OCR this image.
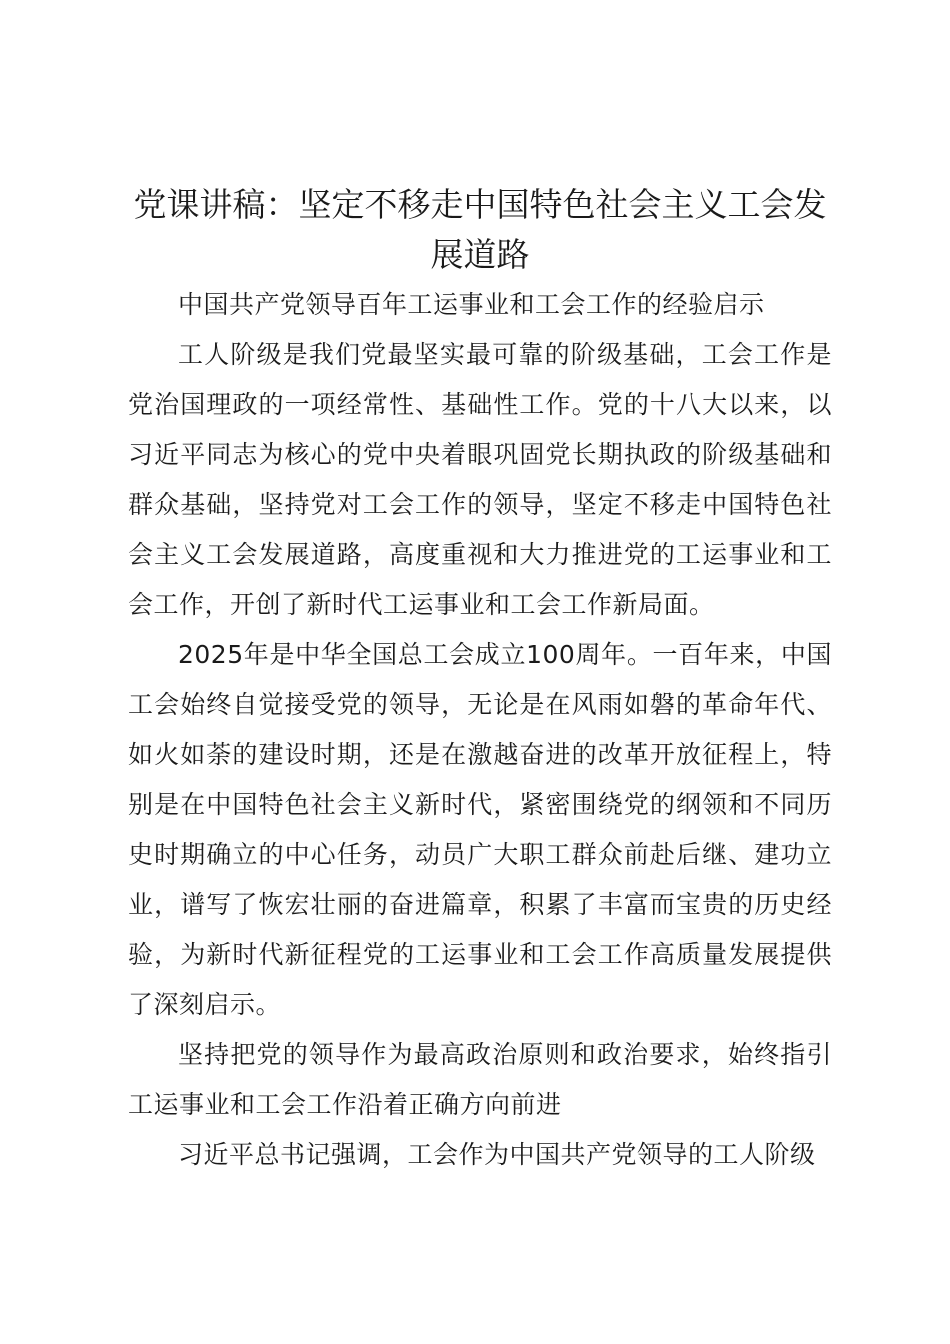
党课讲稿：坚定不移走中国特色社会主义工会发展道路

中国共产党领导百年工运事业和工会工作的经验启示

工人阶级是我们党最坚实最可靠的阶级基础，工会工作是党治国理政的一项经常性、基础性工作。党的十八大以来，以习近平同志为核心的党中央着眼巩固党长期执政的阶级基础和群众基础，坚持党对工会工作的领导，坚定不移走中国特色社会主义工会发展道路，高度重视和大力推进党的工运事业和工会工作，开创了新时代工运事业和工会工作新局面。

2025年是中华全国总工会成立100周年。一百年来，中国工会始终自觉接受党的领导，无论是在风雨如磐的革命年代、如火如荼的建设时期，还是在激越奋进的改革开放征程上，特别是在中国特色社会主义新时代，紧密围绕党的纲领和不同历史时期确立的中心任务，动员广大职工群众前赴后继、建功立业，谱写了恢宏壮丽的奋进篇章，积累了丰富而宝贵的历史经验，为新时代新征程党的工运事业和工会工作高质量发展提供了深刻启示。

坚持把党的领导作为最高政治原则和政治要求，始终指引工运事业和工会工作沿着正确方向前进

习近平总书记强调，工会作为中国共产党领导的工人阶级
